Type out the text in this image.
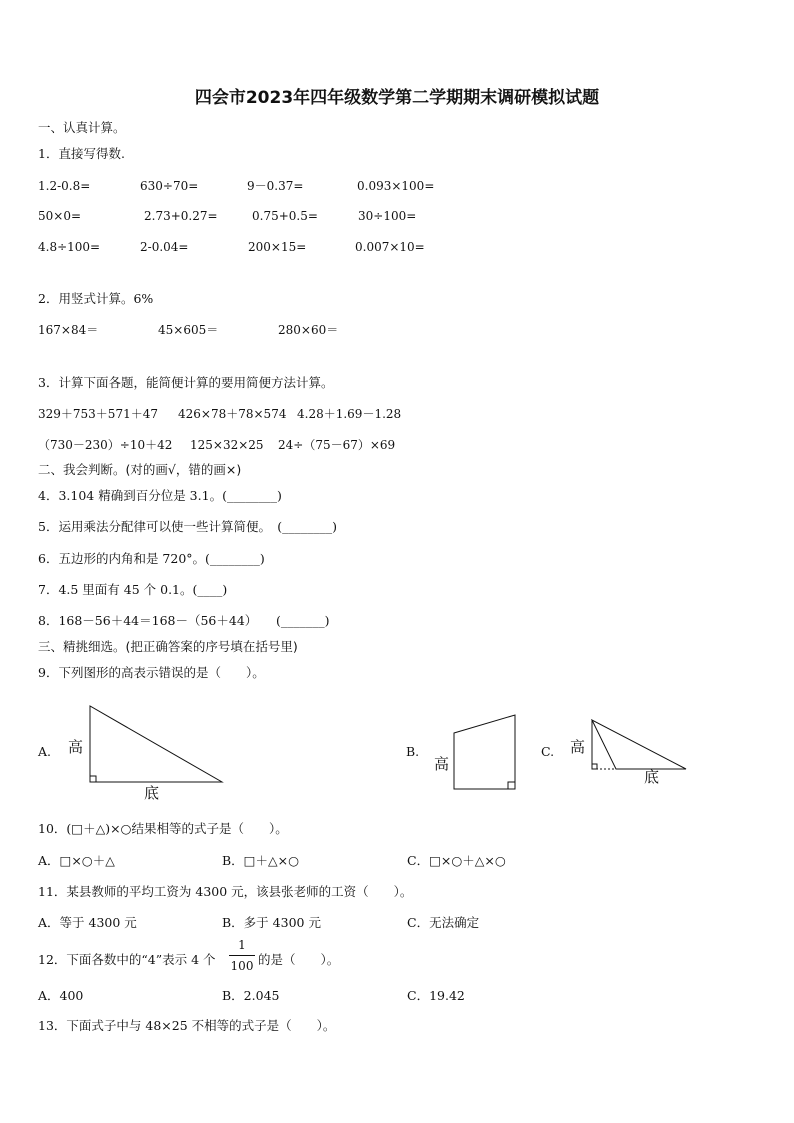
四会市2023年四年级数学第二学期期末调研模拟试题
一、认真计算。
1．直接写得数.
1.2-0.8=	630÷70=	9－0.37=	0.093×100=
50×0=	2.73+0.27=	0.75+0.5=	30÷100=
4.8÷100=	2-0.04=	200×15=	0.007×10=
2．用竖式计算。6%
167×84＝	45×605＝	280×60＝
3．计算下面各题，能简便计算的要用简便方法计算。
329＋753＋571＋47 426×78＋78×574 4.28＋1.69－1.28
（730－230）÷10＋42 125×32×25 24÷（75－67）×69
二、我会判断。(对的画√，错的画×)
4．3.104 精确到百分位是 3.1。(________)
5．运用乘法分配律可以使一些计算简便。　(________)
6．五边形的内角和是 720°。(________)
7．4.5 里面有 45 个 0.1。(____)
8．168－56＋44＝168－（56＋44）　　(_______)
三、精挑细选。(把正确答案的序号填在括号里)
9．下列图形的高表示错误的是（　　）。
A. 高
底
B.
高
C. 高
底
10．(□＋△)×○结果相等的式子是（　　）。
A．□×○＋△	B．□＋△×○	C．□×○＋△×○
11．某县教师的平均工资为 4300 元，该县张老师的工资（　　）。
A．等于 4300 元	B．多于 4300 元	C．无法确定
12．下面各数中的“4”表示 4 个
1
100 的是（　　）。
A．400	B．2.045	C．19.42
13．下面式子中与 48×25 不相等的式子是（　　）。
